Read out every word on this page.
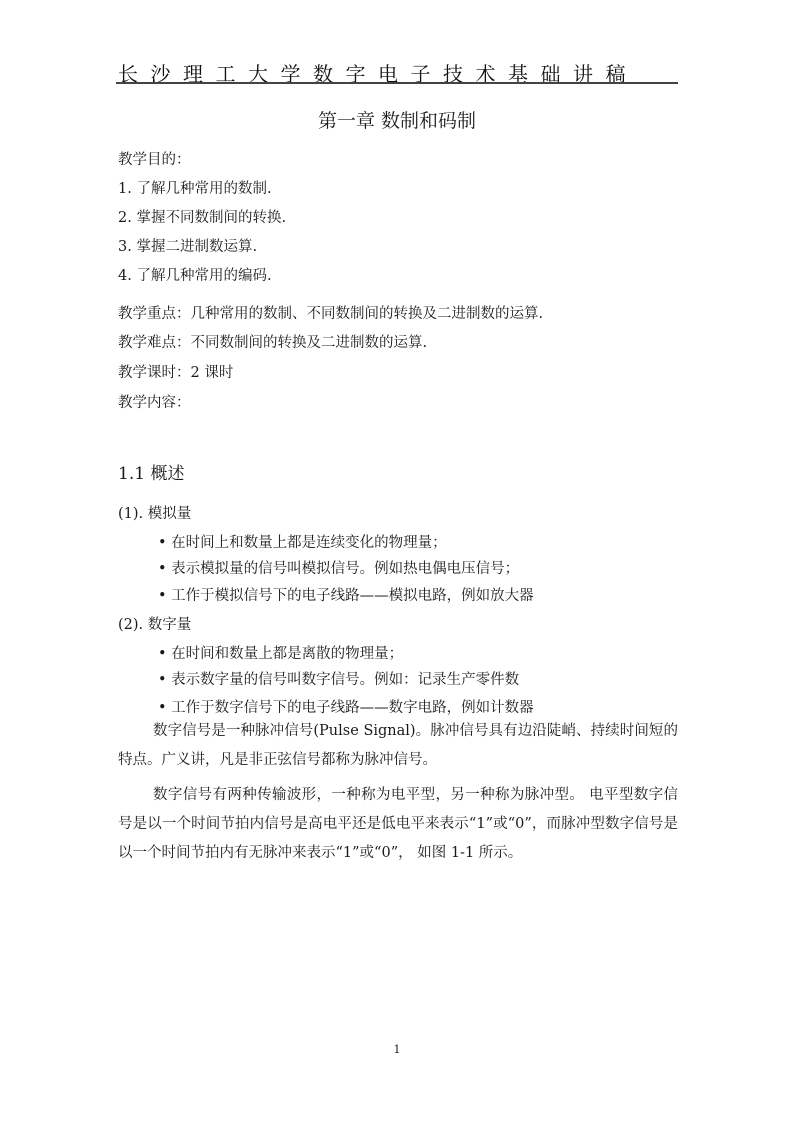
长沙理工大学数字电子技术基础讲稿
第一章 数制和码制
教学目的：
1. 了解几种常用的数制.
2. 掌握不同数制间的转换.
3. 掌握二进制数运算.
4. 了解几种常用的编码.
教学重点：几种常用的数制、不同数制间的转换及二进制数的运算.
教学难点：不同数制间的转换及二进制数的运算.
教学课时：2 课时
教学内容：
1.1 概述
(1). 模拟量
• 在时间上和数量上都是连续变化的物理量；
• 表示模拟量的信号叫模拟信号。例如热电偶电压信号；
• 工作于模拟信号下的电子线路——模拟电路，例如放大器
(2). 数字量
• 在时间和数量上都是离散的物理量；
• 表示数字量的信号叫数字信号。例如：记录生产零件数
• 工作于数字信号下的电子线路——数字电路，例如计数器
数字信号是一种脉冲信号(Pulse Signal)。脉冲信号具有边沿陡峭、持续时间短的特点。广义讲，凡是非正弦信号都称为脉冲信号。
数字信号有两种传输波形，一种称为电平型，另一种称为脉冲型。 电平型数字信号是以一个时间节拍内信号是高电平还是低电平来表示“1”或“0”，而脉冲型数字信号是以一个时间节拍内有无脉冲来表示“1”或“0”， 如图 1-1 所示。
1
